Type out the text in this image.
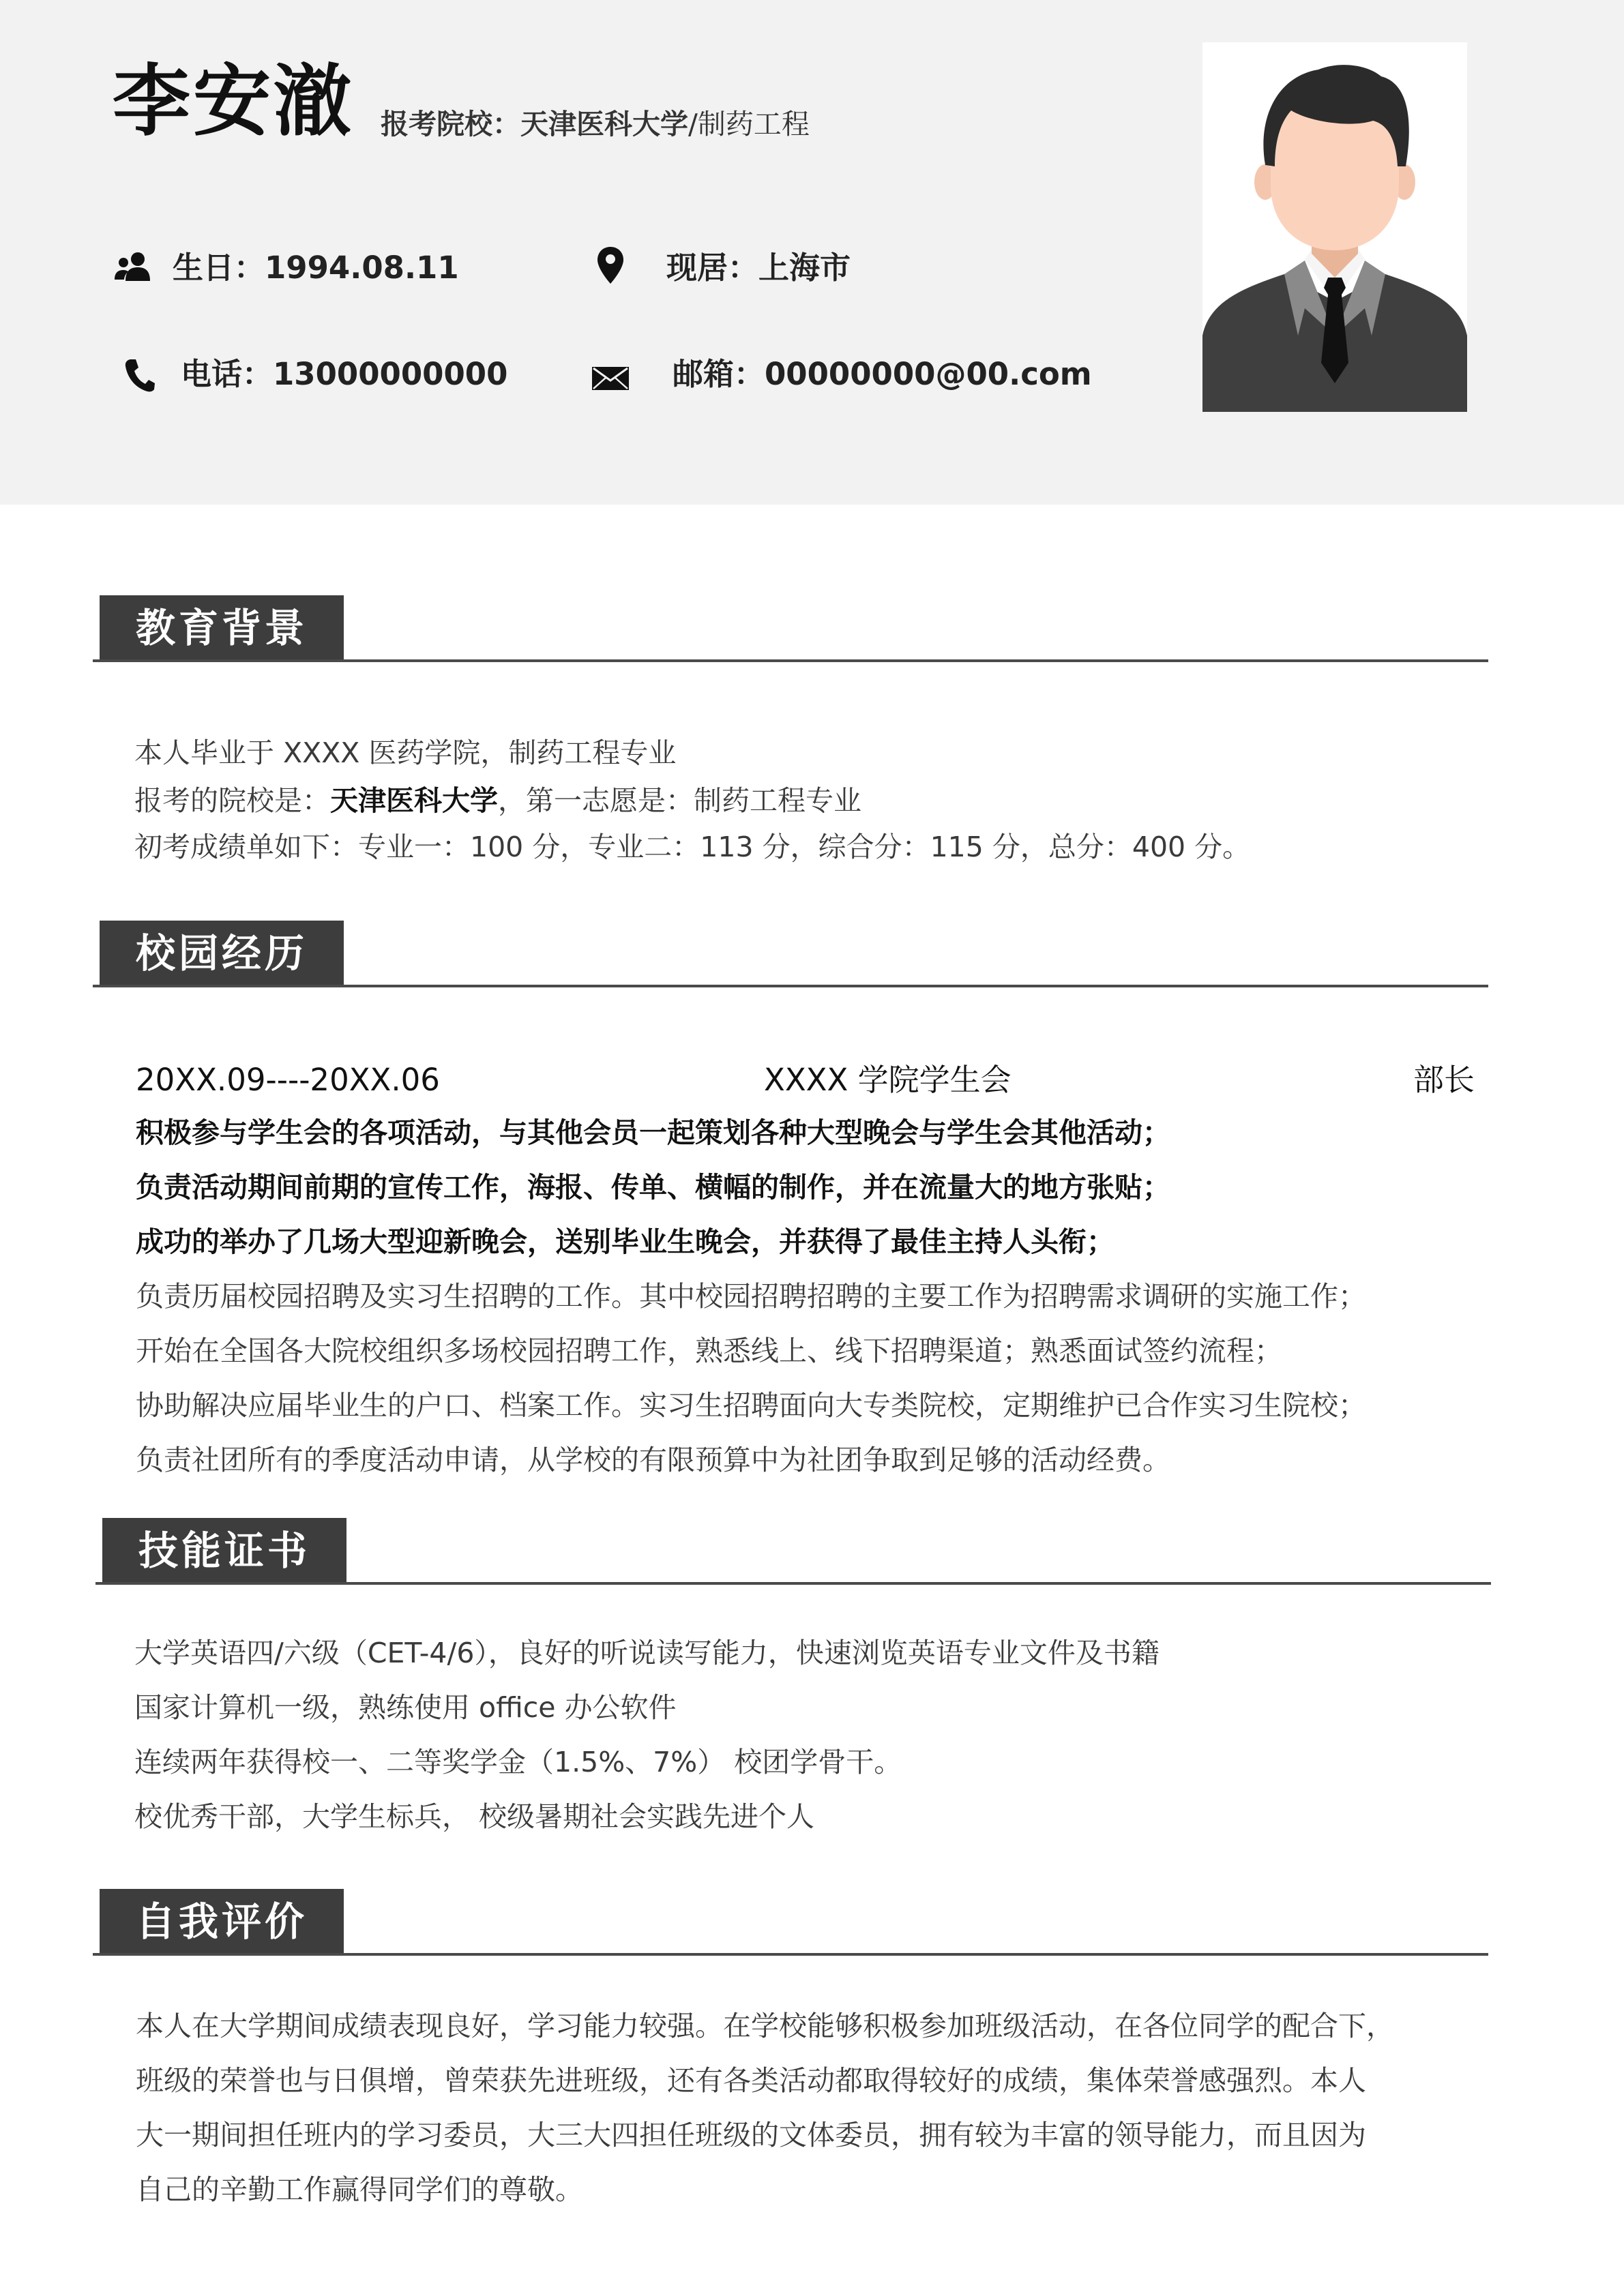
李安澈 报考院校：天津医科大学/制药工程
生日：1994.08.11	现居：上海市
电话：13000000000	邮箱：00000000@00.com
教育背景
本人毕业于 XXXX 医药学院，制药工程专业
报考的院校是：天津医科大学，第一志愿是：制药工程专业
初考成绩单如下：专业一：100 分，专业二：113 分，综合分：115 分，总分：400 分。
校园经历
20XX.09----20XX.06	XXXX 学院学生会	部长
积极参与学生会的各项活动，与其他会员一起策划各种大型晚会与学生会其他活动；
负责活动期间前期的宣传工作，海报、传单、横幅的制作，并在流量大的地方张贴；
成功的举办了几场大型迎新晚会，送别毕业生晚会，并获得了最佳主持人头衔；
负责历届校园招聘及实习生招聘的工作。其中校园招聘招聘的主要工作为招聘需求调研的实施工作；
开始在全国各大院校组织多场校园招聘工作，熟悉线上、线下招聘渠道；熟悉面试签约流程；
协助解决应届毕业生的户口、档案工作。实习生招聘面向大专类院校，定期维护已合作实习生院校；
负责社团所有的季度活动申请，从学校的有限预算中为社团争取到足够的活动经费。
技能证书
大学英语四/六级（CET-4/6），良好的听说读写能力，快速浏览英语专业文件及书籍
国家计算机一级，熟练使用 office 办公软件
连续两年获得校一、二等奖学金（1.5%、7%） 校团学骨干。
校优秀干部，大学生标兵， 校级暑期社会实践先进个人
自我评价
本人在大学期间成绩表现良好，学习能力较强。在学校能够积极参加班级活动，在各位同学的配合下，
班级的荣誉也与日俱增，曾荣获先进班级，还有各类活动都取得较好的成绩，集体荣誉感强烈。本人
大一期间担任班内的学习委员，大三大四担任班级的文体委员，拥有较为丰富的领导能力，而且因为
自己的辛勤工作赢得同学们的尊敬。
